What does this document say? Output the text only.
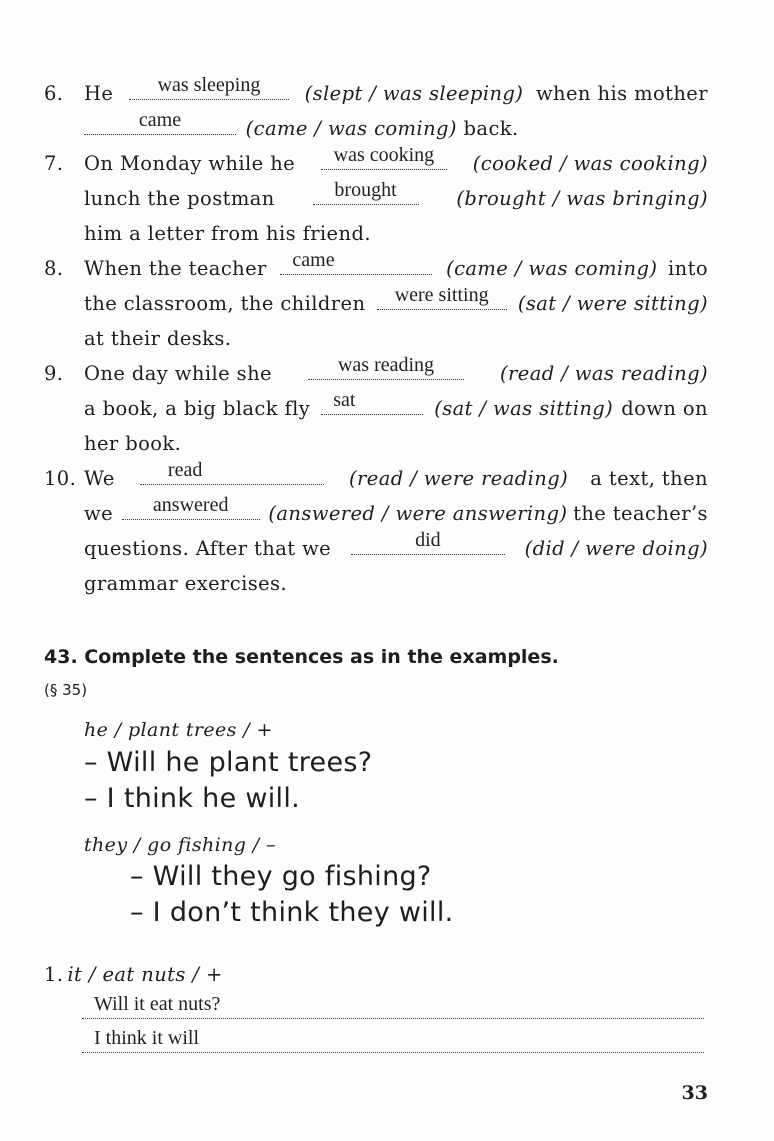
6. He	was sleeping	(slept / was sleeping) when his mother
came	(came / was coming) back.
7. On Monday while he	was cooking	(cooked / was cooking)
lunch the postman	brought	(brought / was bringing)
him a letter from his friend.
8. When the teacher	came	(came / was coming) into
the classroom, the children	were sitting	(sat / were sitting)
at their desks.
9. One day while she	was reading	(read / was reading)
a book, a big black fly	sat	(sat / was sitting) down on
her book.
10. We	read	(read / were reading) a text, then
we	answered	(answered / were answering) the teacher’s
questions. After that we	did	(did / were doing)
grammar exercises.
43. Complete the sentences as in the examples.
(§ 35)
he / plant trees / +
– Will he plant trees?
– I think he will.
they / go fishing / –
– Will they go fishing?
– I don’t think they will.
1. it / eat nuts / +
Will it eat nuts?
I think it will
33
